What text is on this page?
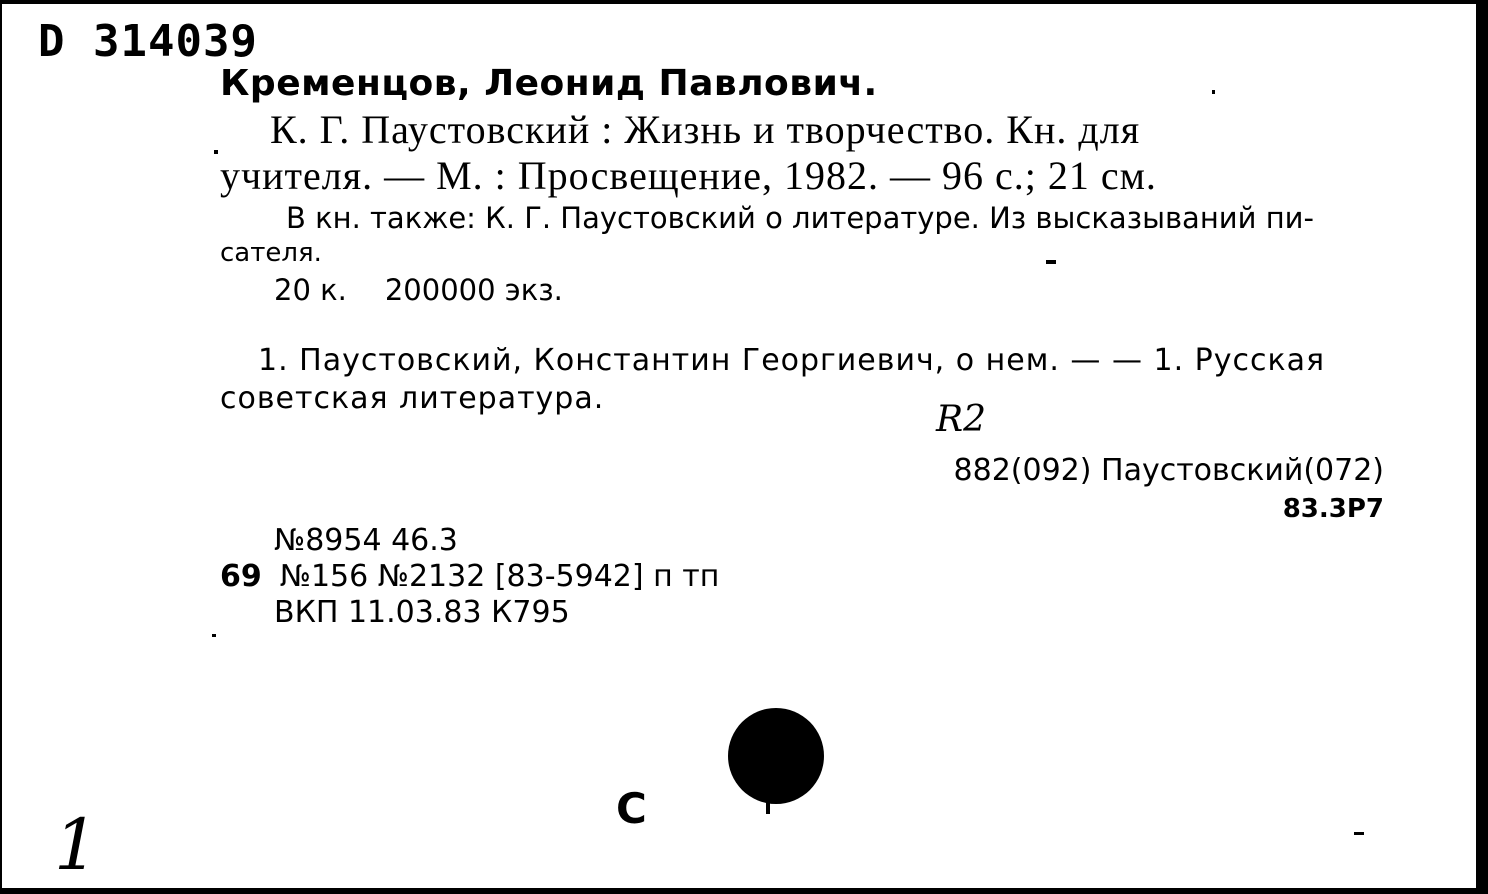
D 314039
Кременцов, Леонид Павлович.
К. Г. Паустовский : Жизнь и творчество. Кн. для
учителя. — М. : Просвещение, 1982. — 96 с.; 21 см.
В кн. также: К. Г. Паустовский о литературе. Из высказываний пи-
сателя.
20 к. 200000 экз.
1. Паустовский, Константин Георгиевич, о нем. — — 1. Русская
советская литература.
R2
882(092) Паустовский(072)
83.3Р7
№8954 46.3
69 №156 №2132 [83-5942] п тп
ВКП 11.03.83 К795
1	С
